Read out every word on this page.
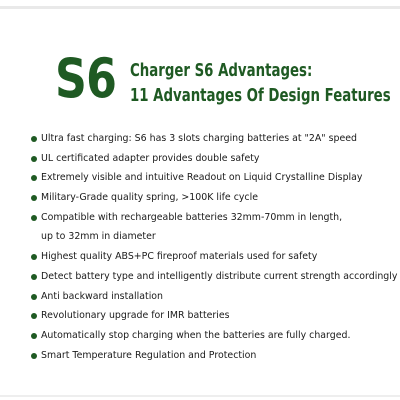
S6 Charger S6 Advantages:
11 Advantages Of Design Features
Ultra fast charging: S6 has 3 slots charging batteries at "2A" speed
UL certificated adapter provides double safety
Extremely visible and intuitive Readout on Liquid Crystalline Display
Military-Grade quality spring, >100K life cycle
Compatible with rechargeable batteries 32mm-70mm in length,
up to 32mm in diameter
Highest quality ABS+PC fireproof materials used for safety
Detect battery type and intelligently distribute current strength accordingly
Anti backward installation
Revolutionary upgrade for IMR batteries
Automatically stop charging when the batteries are fully charged.
Smart Temperature Regulation and Protection
